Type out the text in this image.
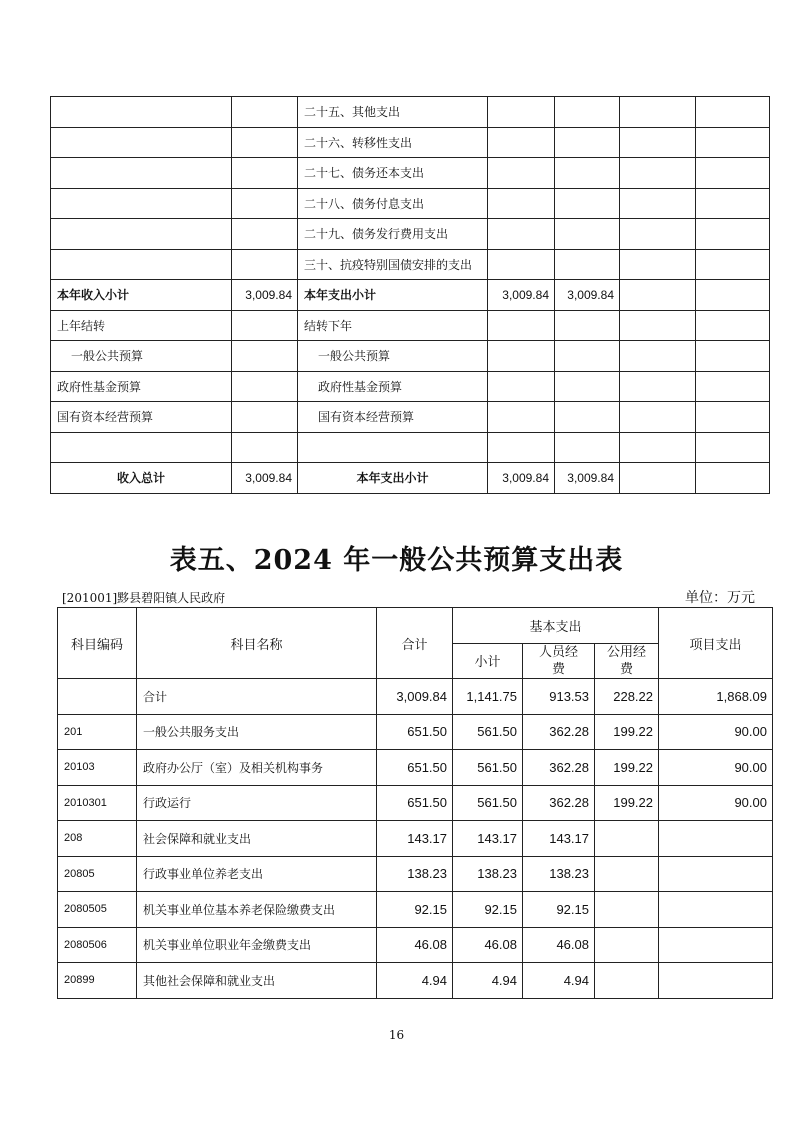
		二十五、其他支出				
		二十六、转移性支出				
		二十七、债务还本支出				
		二十八、债务付息支出				
		二十九、债务发行费用支出				
		三十、抗疫特别国债安排的支出				
本年收入小计	3,009.84	本年支出小计	3,009.84	3,009.84		
上年结转		结转下年				
一般公共预算		一般公共预算				
政府性基金预算		政府性基金预算				
国有资本经营预算		国有资本经营预算				

收入总计	3,009.84	本年支出小计	3,009.84	3,009.84		
表五、2024 年一般公共预算支出表
[201001]黟县碧阳镇人民政府	单位：万元
科目编码	科目名称	合计	基本支出			项目支出
			小计	人员经费	公用经费	
	合计	3,009.84	1,141.75	913.53	228.22	1,868.09
201	一般公共服务支出	651.50	561.50	362.28	199.22	90.00
20103	政府办公厅（室）及相关机构事务	651.50	561.50	362.28	199.22	90.00
2010301	行政运行	651.50	561.50	362.28	199.22	90.00
208	社会保障和就业支出	143.17	143.17	143.17		
20805	行政事业单位养老支出	138.23	138.23	138.23		
2080505	机关事业单位基本养老保险缴费支出	92.15	92.15	92.15		
2080506	机关事业单位职业年金缴费支出	46.08	46.08	46.08		
20899	其他社会保障和就业支出	4.94	4.94	4.94		
16
